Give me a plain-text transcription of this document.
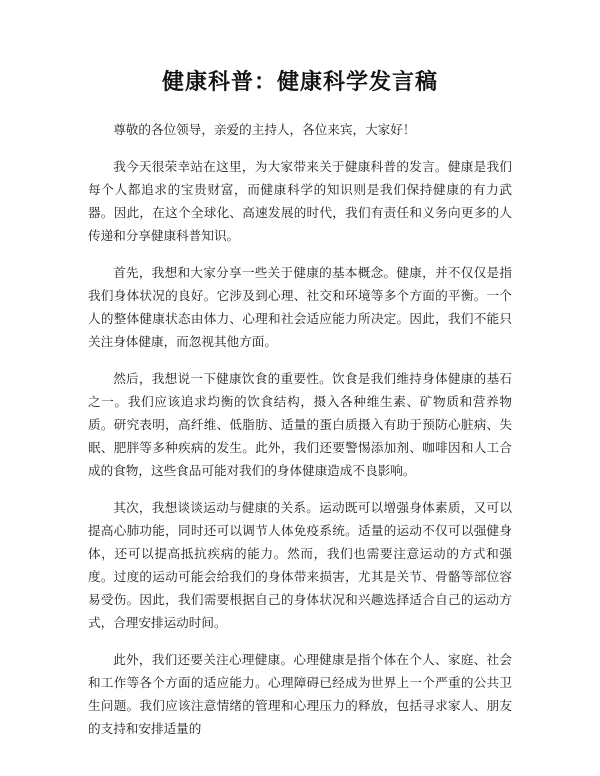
健康科普：健康科学发言稿

尊敬的各位领导，亲爱的主持人，各位来宾，大家好！

我今天很荣幸站在这里，为大家带来关于健康科普的发言。健康是我们每个人都追求的宝贵财富，而健康科学的知识则是我们保持健康的有力武器。因此，在这个全球化、高速发展的时代，我们有责任和义务向更多的人传递和分享健康科普知识。

首先，我想和大家分享一些关于健康的基本概念。健康，并不仅仅是指我们身体状况的良好。它涉及到心理、社交和环境等多个方面的平衡。一个人的整体健康状态由体力、心理和社会适应能力所决定。因此，我们不能只关注身体健康，而忽视其他方面。

然后，我想说一下健康饮食的重要性。饮食是我们维持身体健康的基石之一。我们应该追求均衡的饮食结构，摄入各种维生素、矿物质和营养物质。研究表明，高纤维、低脂肪、适量的蛋白质摄入有助于预防心脏病、失眠、肥胖等多种疾病的发生。此外，我们还要警惕添加剂、咖啡因和人工合成的食物，这些食品可能对我们的身体健康造成不良影响。

其次，我想谈谈运动与健康的关系。运动既可以增强身体素质，又可以提高心肺功能，同时还可以调节人体免疫系统。适量的运动不仅可以强健身体，还可以提高抵抗疾病的能力。然而，我们也需要注意运动的方式和强度。过度的运动可能会给我们的身体带来损害，尤其是关节、骨骼等部位容易受伤。因此，我们需要根据自己的身体状况和兴趣选择适合自己的运动方式，合理安排运动时间。

此外，我们还要关注心理健康。心理健康是指个体在个人、家庭、社会和工作等各个方面的适应能力。心理障碍已经成为世界上一个严重的公共卫生问题。我们应该注意情绪的管理和心理压力的释放，包括寻求家人、朋友的支持和安排适量的
